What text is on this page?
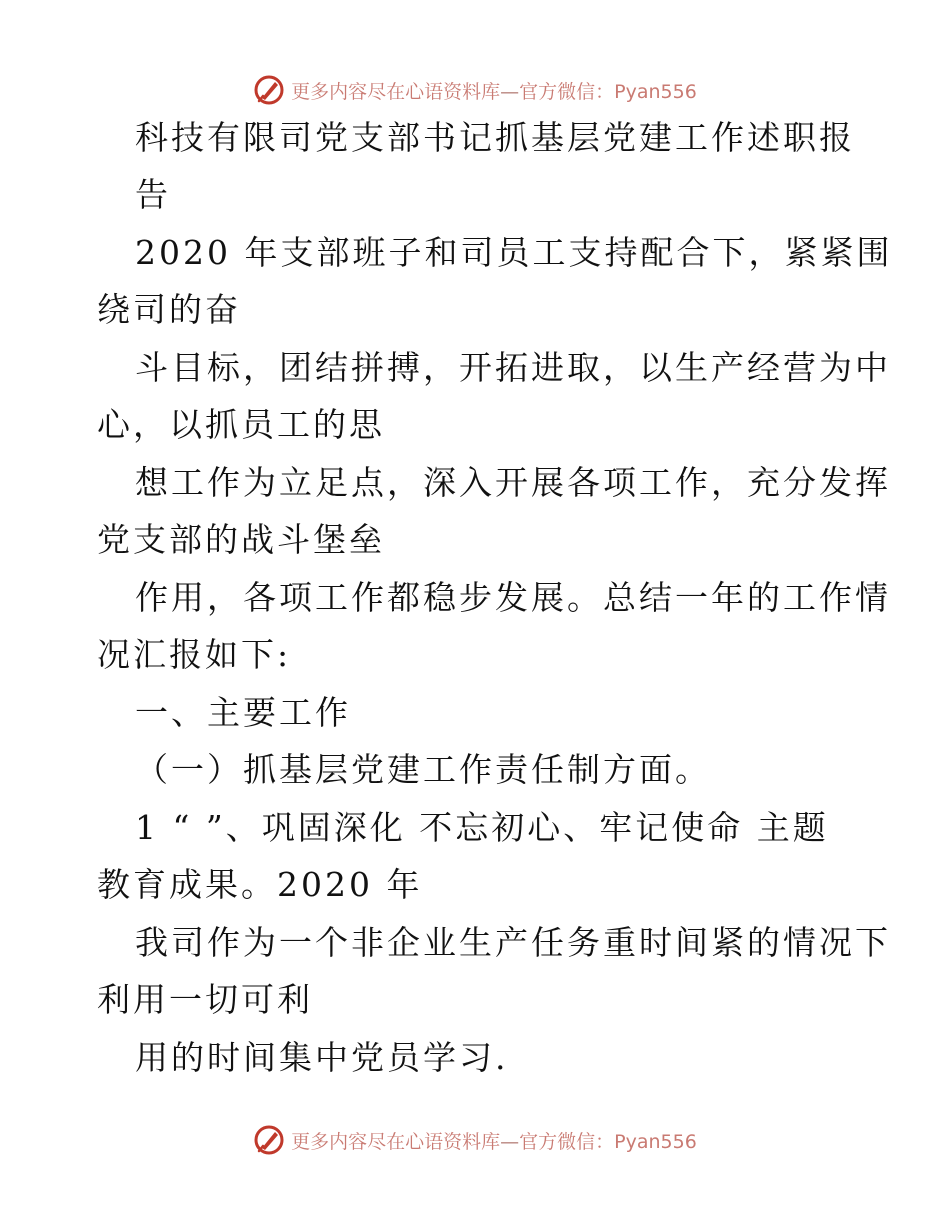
更多内容尽在心语资料库—官方微信：Pyan556
科技有限司党支部书记抓基层党建工作述职报
告
2020 年支部班子和司员工支持配合下，紧紧围
绕司的奋
斗目标，团结拼搏，开拓进取，以生产经营为中
心，以抓员工的思
想工作为立足点，深入开展各项工作，充分发挥
党支部的战斗堡垒
作用，各项工作都稳步发展。总结一年的工作情
况汇报如下:
一、主要工作
（一）抓基层党建工作责任制方面。
1 “ ”、巩固深化 不忘初心、牢记使命 主题
教育成果。2020 年
我司作为一个非企业生产任务重时间紧的情况下
利用一切可利
用的时间集中党员学习.
更多内容尽在心语资料库—官方微信：Pyan556
